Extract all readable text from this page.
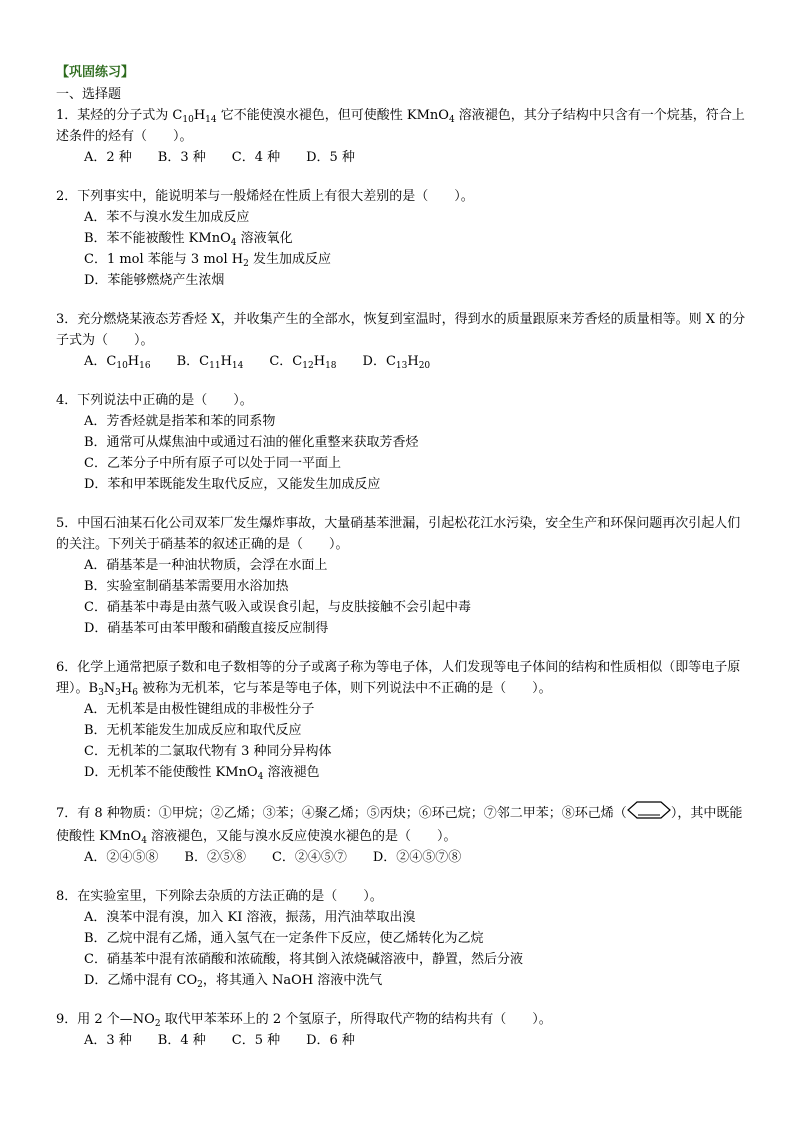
【巩固练习】
一、选择题
1．某烃的分子式为 $C_{10}H_{14}$ 它不能使溴水褪色，但可使酸性 KMnO$_4$ 溶液褪色，其分子结构中只含有一个烷基，符合上述条件的烃有（　　）。
A．2 种　　B．3 种　　C．4 种　　D．5 种
2．下列事实中，能说明苯与一般烯烃在性质上有很大差别的是（　　）。
A．苯不与溴水发生加成反应
B．苯不能被酸性 KMnO$_4$ 溶液氧化
C．1 mol 苯能与 3 mol $H_2$ 发生加成反应
D．苯能够燃烧产生浓烟
3．充分燃烧某液态芳香烃 X，并收集产生的全部水，恢复到室温时，得到水的质量跟原来芳香烃的质量相等。则 X 的分子式为（　　）。
A．$C_{10}H_{16}$　　B．$C_{11}H_{14}$　　C．$C_{12}H_{18}$　　D．$C_{13}H_{20}$
4．下列说法中正确的是（　　）。
A．芳香烃就是指苯和苯的同系物
B．通常可从煤焦油中或通过石油的催化重整来获取芳香烃
C．乙苯分子中所有原子可以处于同一平面上
D．苯和甲苯既能发生取代反应，又能发生加成反应
5．中国石油某石化公司双苯厂发生爆炸事故，大量硝基苯泄漏，引起松花江水污染，安全生产和环保问题再次引起人们的关注。下列关于硝基苯的叙述正确的是（　　）。
A．硝基苯是一种油状物质，会浮在水面上
B．实验室制硝基苯需要用水浴加热
C．硝基苯中毒是由蒸气吸入或误食引起，与皮肤接触不会引起中毒
D．硝基苯可由苯甲酸和硝酸直接反应制得
6．化学上通常把原子数和电子数相等的分子或离子称为等电子体，人们发现等电子体间的结构和性质相似（即等电子原理）。$B_3N_3H_6$ 被称为无机苯，它与苯是等电子体，则下列说法中不正确的是（　　）。
A．无机苯是由极性键组成的非极性分子
B．无机苯能发生加成反应和取代反应
C．无机苯的二氯取代物有 3 种同分异构体
D．无机苯不能使酸性 KMnO$_4$ 溶液褪色
7．有 8 种物质：①甲烷；②乙烯；③苯；④聚乙烯；⑤丙炔；⑥环己烷；⑦邻二甲苯；⑧环己烯（	），其中既能使酸性 KMnO$_4$ 溶液褪色，又能与溴水反应使溴水褪色的是（　　）。
A．②④⑤⑧　　B．②⑤⑧　　C．②④⑤⑦　　D．②④⑤⑦⑧
8．在实验室里，下列除去杂质的方法正确的是（　　）。
A．溴苯中混有溴，加入 KI 溶液，振荡，用汽油萃取出溴
B．乙烷中混有乙烯，通入氢气在一定条件下反应，使乙烯转化为乙烷
C．硝基苯中混有浓硝酸和浓硫酸，将其倒入浓烧碱溶液中，静置，然后分液
D．乙烯中混有 $CO_2$，将其通入 NaOH 溶液中洗气
9．用 2 个$—NO_2$ 取代甲苯苯环上的 2 个氢原子，所得取代产物的结构共有（　　）。
A．3 种　　B．4 种　　C．5 种　　D．6 种
